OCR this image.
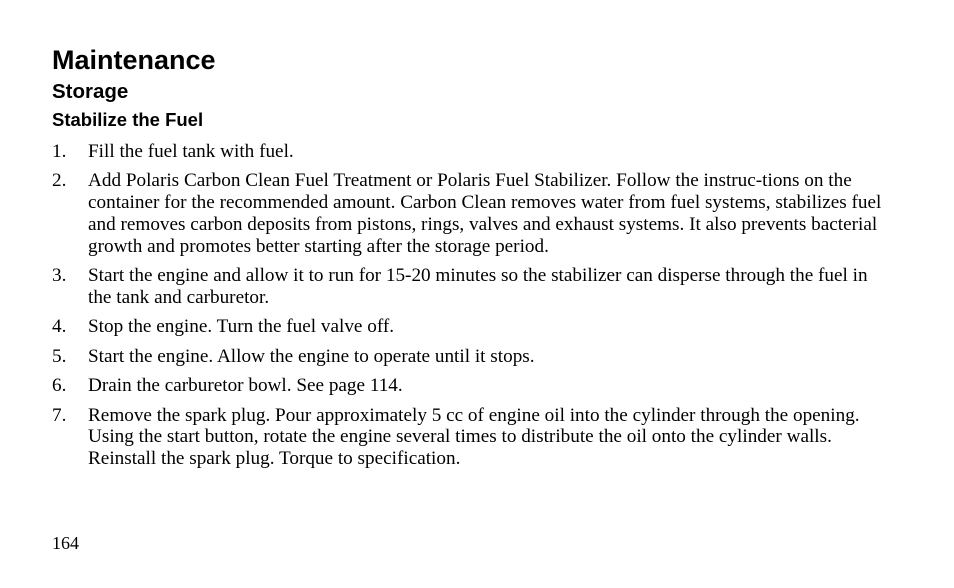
Maintenance
Storage
Stabilize the Fuel
1. Fill the fuel tank with fuel.
2. Add Polaris Carbon Clean Fuel Treatment or Polaris Fuel Stabilizer. Follow the instruc-tions on the container for the recommended amount. Carbon Clean removes water from fuel systems, stabilizes fuel and removes carbon deposits from pistons, rings, valves and exhaust systems. It also prevents bacterial growth and promotes better starting after the storage period.
3. Start the engine and allow it to run for 15-20 minutes so the stabilizer can disperse through the fuel in the tank and carburetor.
4. Stop the engine. Turn the fuel valve off.
5. Start the engine. Allow the engine to operate until it stops.
6. Drain the carburetor bowl. See page 114.
7. Remove the spark plug. Pour approximately 5 cc of engine oil into the cylinder through the opening. Using the start button, rotate the engine several times to distribute the oil onto the cylinder walls. Reinstall the spark plug. Torque to specification.
164
